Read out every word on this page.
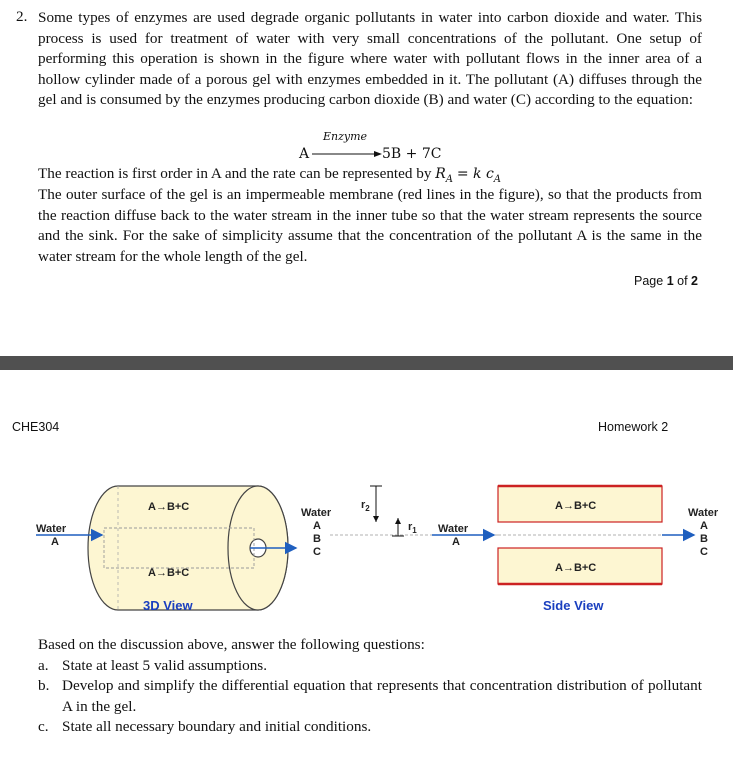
2. Some types of enzymes are used degrade organic pollutants in water into carbon dioxide and water. This process is used for treatment of water with very small concentrations of the pollutant. One setup of performing this operation is shown in the figure where water with pollutant flows in the inner area of a hollow cylinder made of a porous gel with enzymes embedded in it. The pollutant (A) diffuses through the gel and is consumed by the enzymes producing carbon dioxide (B) and water (C) according to the equation:
A
Enzyme
5B + 7C
The reaction is first order in A and the rate can be represented by $R_A = k$ $c_A$
The outer surface of the gel is an impermeable membrane (red lines in the figure), so that the products from the reaction diffuse back to the water stream in the inner tube so that the water stream represents the source and the sink. For the sake of simplicity assume that the concentration of the pollutant A is the same in the water stream for the whole length of the gel.
Page 1 of 2
CHE304	Homework 2
A→B+C
A→B+C
Water
A
Water
A
B
C
$r_2$
$r_1$ Water
A
A→B+C
A→B+C
Water
A
B
C
3D View	Side View
Based on the discussion above, answer the following questions:
a. State at least 5 valid assumptions.
b. Develop and simplify the differential equation that represents that concentration distribution of pollutant A in the gel.
c. State all necessary boundary and initial conditions.
